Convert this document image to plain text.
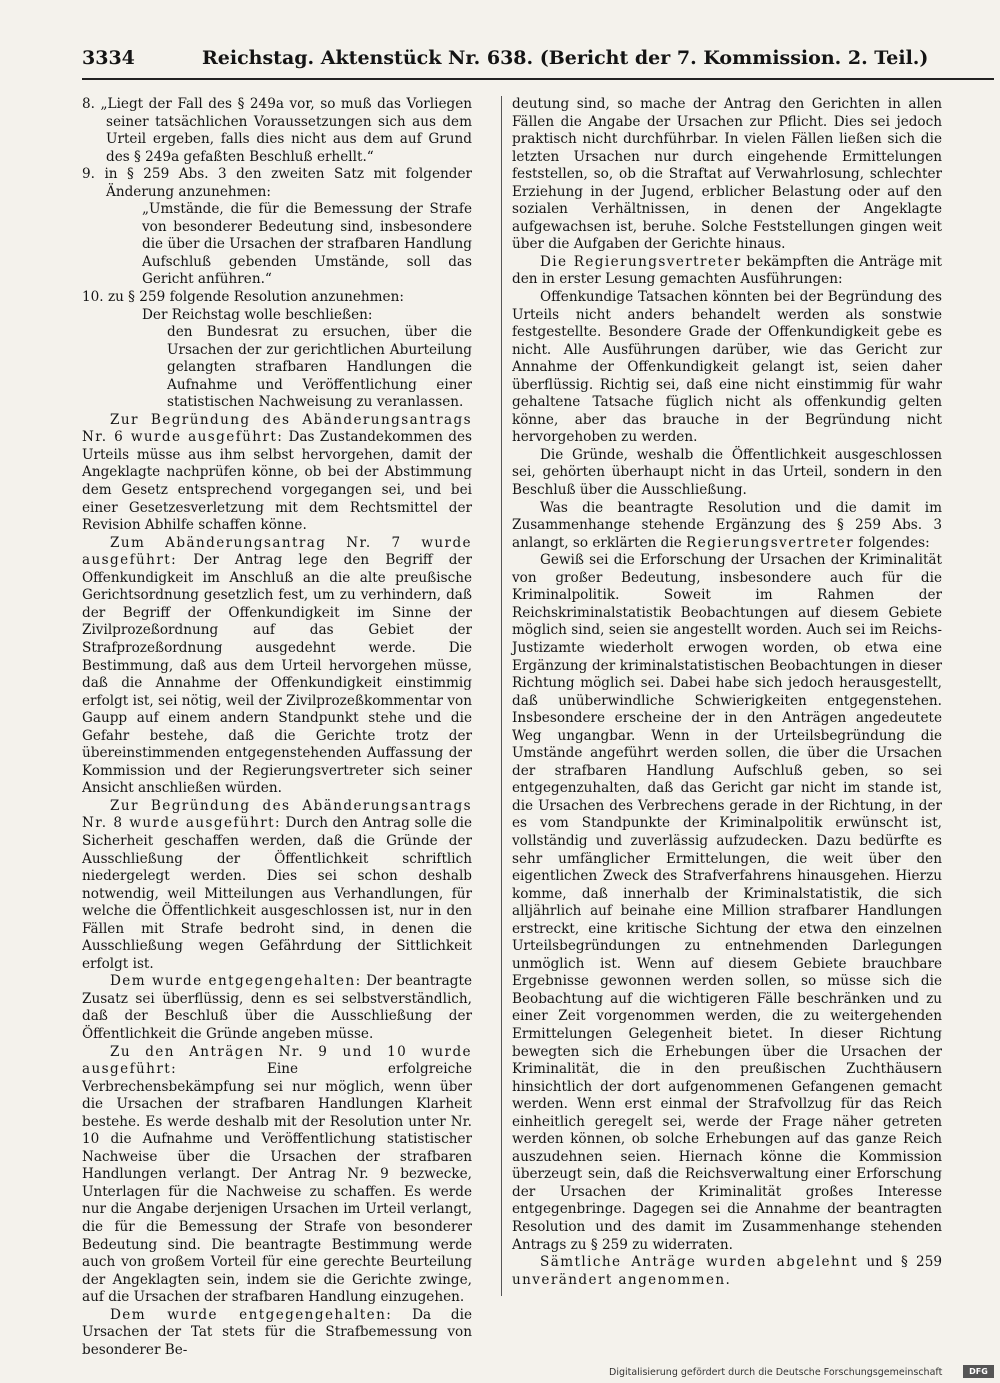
3334	Reichstag. Aktenstück Nr. 638. (Bericht der 7. Kommission. 2. Teil.)

8. „Liegt der Fall des § 249a vor, so muß das Vorliegen seiner tatsächlichen Voraussetzungen sich aus dem Urteil ergeben, falls dies nicht aus dem auf Grund des § 249a gefaßten Beschluß erhellt.“

9. in § 259 Abs. 3 den zweiten Satz mit folgender Änderung anzunehmen:

„Umstände, die für die Bemessung der Strafe von besonderer Bedeutung sind, insbesondere die über die Ursachen der strafbaren Handlung Aufschluß gebenden Umstände, soll das Gericht anführen.“

10. zu § 259 folgende Resolution anzunehmen:

Der Reichstag wolle beschließen:

den Bundesrat zu ersuchen, über die Ursachen der zur gerichtlichen Aburteilung gelangten strafbaren Handlungen die Aufnahme und Veröffentlichung einer statistischen Nachweisung zu veranlassen.

Zur Begründung des Abänderungsantrags Nr. 6 wurde ausgeführt: Das Zustandekommen des Urteils müsse aus ihm selbst hervorgehen, damit der Angeklagte nachprüfen könne, ob bei der Abstimmung dem Gesetz entsprechend vorgegangen sei, und bei einer Gesetzesverletzung mit dem Rechtsmittel der Revision Abhilfe schaffen könne.

Zum Abänderungsantrag Nr. 7 wurde ausgeführt: Der Antrag lege den Begriff der Offenkundigkeit im Anschluß an die alte preußische Gerichtsordnung gesetzlich fest, um zu verhindern, daß der Begriff der Offenkundigkeit im Sinne der Zivilprozeßordnung auf das Gebiet der Strafprozeßordnung ausgedehnt werde. Die Bestimmung, daß aus dem Urteil hervorgehen müsse, daß die Annahme der Offenkundigkeit einstimmig erfolgt ist, sei nötig, weil der Zivilprozeßkommentar von Gaupp auf einem andern Standpunkt stehe und die Gefahr bestehe, daß die Gerichte trotz der übereinstimmenden entgegenstehenden Auffassung der Kommission und der Regierungsvertreter sich seiner Ansicht anschließen würden.

Zur Begründung des Abänderungsantrags Nr. 8 wurde ausgeführt: Durch den Antrag solle die Sicherheit geschaffen werden, daß die Gründe der Ausschließung der Öffentlichkeit schriftlich niedergelegt werden. Dies sei schon deshalb notwendig, weil Mitteilungen aus Verhandlungen, für welche die Öffentlichkeit ausgeschlossen ist, nur in den Fällen mit Strafe bedroht sind, in denen die Ausschließung wegen Gefährdung der Sittlichkeit erfolgt ist.

Dem wurde entgegengehalten: Der beantragte Zusatz sei überflüssig, denn es sei selbstverständlich, daß der Beschluß über die Ausschließung der Öffentlichkeit die Gründe angeben müsse.

Zu den Anträgen Nr. 9 und 10 wurde ausgeführt: Eine erfolgreiche Verbrechensbekämpfung sei nur möglich, wenn über die Ursachen der strafbaren Handlungen Klarheit bestehe. Es werde deshalb mit der Resolution unter Nr. 10 die Aufnahme und Veröffentlichung statistischer Nachweise über die Ursachen der strafbaren Handlungen verlangt. Der Antrag Nr. 9 bezwecke, Unterlagen für die Nachweise zu schaffen. Es werde nur die Angabe derjenigen Ursachen im Urteil verlangt, die für die Bemessung der Strafe von besonderer Bedeutung sind. Die beantragte Bestimmung werde auch von großem Vorteil für eine gerechte Beurteilung der Angeklagten sein, indem sie die Gerichte zwinge, auf die Ursachen der strafbaren Handlung einzugehen.

Dem wurde entgegengehalten: Da die Ursachen der Tat stets für die Strafbemessung von besonderer Be-

deutung sind, so mache der Antrag den Gerichten in allen Fällen die Angabe der Ursachen zur Pflicht. Dies sei jedoch praktisch nicht durchführbar. In vielen Fällen ließen sich die letzten Ursachen nur durch eingehende Ermittelungen feststellen, so, ob die Straftat auf Verwahrlosung, schlechter Erziehung in der Jugend, erblicher Belastung oder auf den sozialen Verhältnissen, in denen der Angeklagte aufgewachsen ist, beruhe. Solche Feststellungen gingen weit über die Aufgaben der Gerichte hinaus.

Die Regierungsvertreter bekämpften die Anträge mit den in erster Lesung gemachten Ausführungen:

Offenkundige Tatsachen könnten bei der Begründung des Urteils nicht anders behandelt werden als sonstwie festgestellte. Besondere Grade der Offenkundigkeit gebe es nicht. Alle Ausführungen darüber, wie das Gericht zur Annahme der Offenkundigkeit gelangt ist, seien daher überflüssig. Richtig sei, daß eine nicht einstimmig für wahr gehaltene Tatsache füglich nicht als offenkundig gelten könne, aber das brauche in der Begründung nicht hervorgehoben zu werden.

Die Gründe, weshalb die Öffentlichkeit ausgeschlossen sei, gehörten überhaupt nicht in das Urteil, sondern in den Beschluß über die Ausschließung.

Was die beantragte Resolution und die damit im Zusammenhange stehende Ergänzung des § 259 Abs. 3 anlangt, so erklärten die Regierungsvertreter folgendes:

Gewiß sei die Erforschung der Ursachen der Kriminalität von großer Bedeutung, insbesondere auch für die Kriminalpolitik. Soweit im Rahmen der Reichskriminalstatistik Beobachtungen auf diesem Gebiete möglich sind, seien sie angestellt worden. Auch sei im Reichs-Justizamte wiederholt erwogen worden, ob etwa eine Ergänzung der kriminalstatistischen Beobachtungen in dieser Richtung möglich sei. Dabei habe sich jedoch herausgestellt, daß unüberwindliche Schwierigkeiten entgegenstehen. Insbesondere erscheine der in den Anträgen angedeutete Weg ungangbar. Wenn in der Urteilsbegründung die Umstände angeführt werden sollen, die über die Ursachen der strafbaren Handlung Aufschluß geben, so sei entgegenzuhalten, daß das Gericht gar nicht im stande ist, die Ursachen des Verbrechens gerade in der Richtung, in der es vom Standpunkte der Kriminalpolitik erwünscht ist, vollständig und zuverlässig aufzudecken. Dazu bedürfte es sehr umfänglicher Ermittelungen, die weit über den eigentlichen Zweck des Strafverfahrens hinausgehen. Hierzu komme, daß innerhalb der Kriminalstatistik, die sich alljährlich auf beinahe eine Million strafbarer Handlungen erstreckt, eine kritische Sichtung der etwa den einzelnen Urteilsbegründungen zu entnehmenden Darlegungen unmöglich ist. Wenn auf diesem Gebiete brauchbare Ergebnisse gewonnen werden sollen, so müsse sich die Beobachtung auf die wichtigeren Fälle beschränken und zu einer Zeit vorgenommen werden, die zu weitergehenden Ermittelungen Gelegenheit bietet. In dieser Richtung bewegten sich die Erhebungen über die Ursachen der Kriminalität, die in den preußischen Zuchthäusern hinsichtlich der dort aufgenommenen Gefangenen gemacht werden. Wenn erst einmal der Strafvollzug für das Reich einheitlich geregelt sei, werde der Frage näher getreten werden können, ob solche Erhebungen auf das ganze Reich auszudehnen seien. Hiernach könne die Kommission überzeugt sein, daß die Reichsverwaltung einer Erforschung der Ursachen der Kriminalität großes Interesse entgegenbringe. Dagegen sei die Annahme der beantragten Resolution und des damit im Zusammenhange stehenden Antrags zu § 259 zu widerraten.

Sämtliche Anträge wurden abgelehnt und § 259 unverändert angenommen.

Digitalisierung gefördert durch die Deutsche Forschungsgemeinschaft	DFG
